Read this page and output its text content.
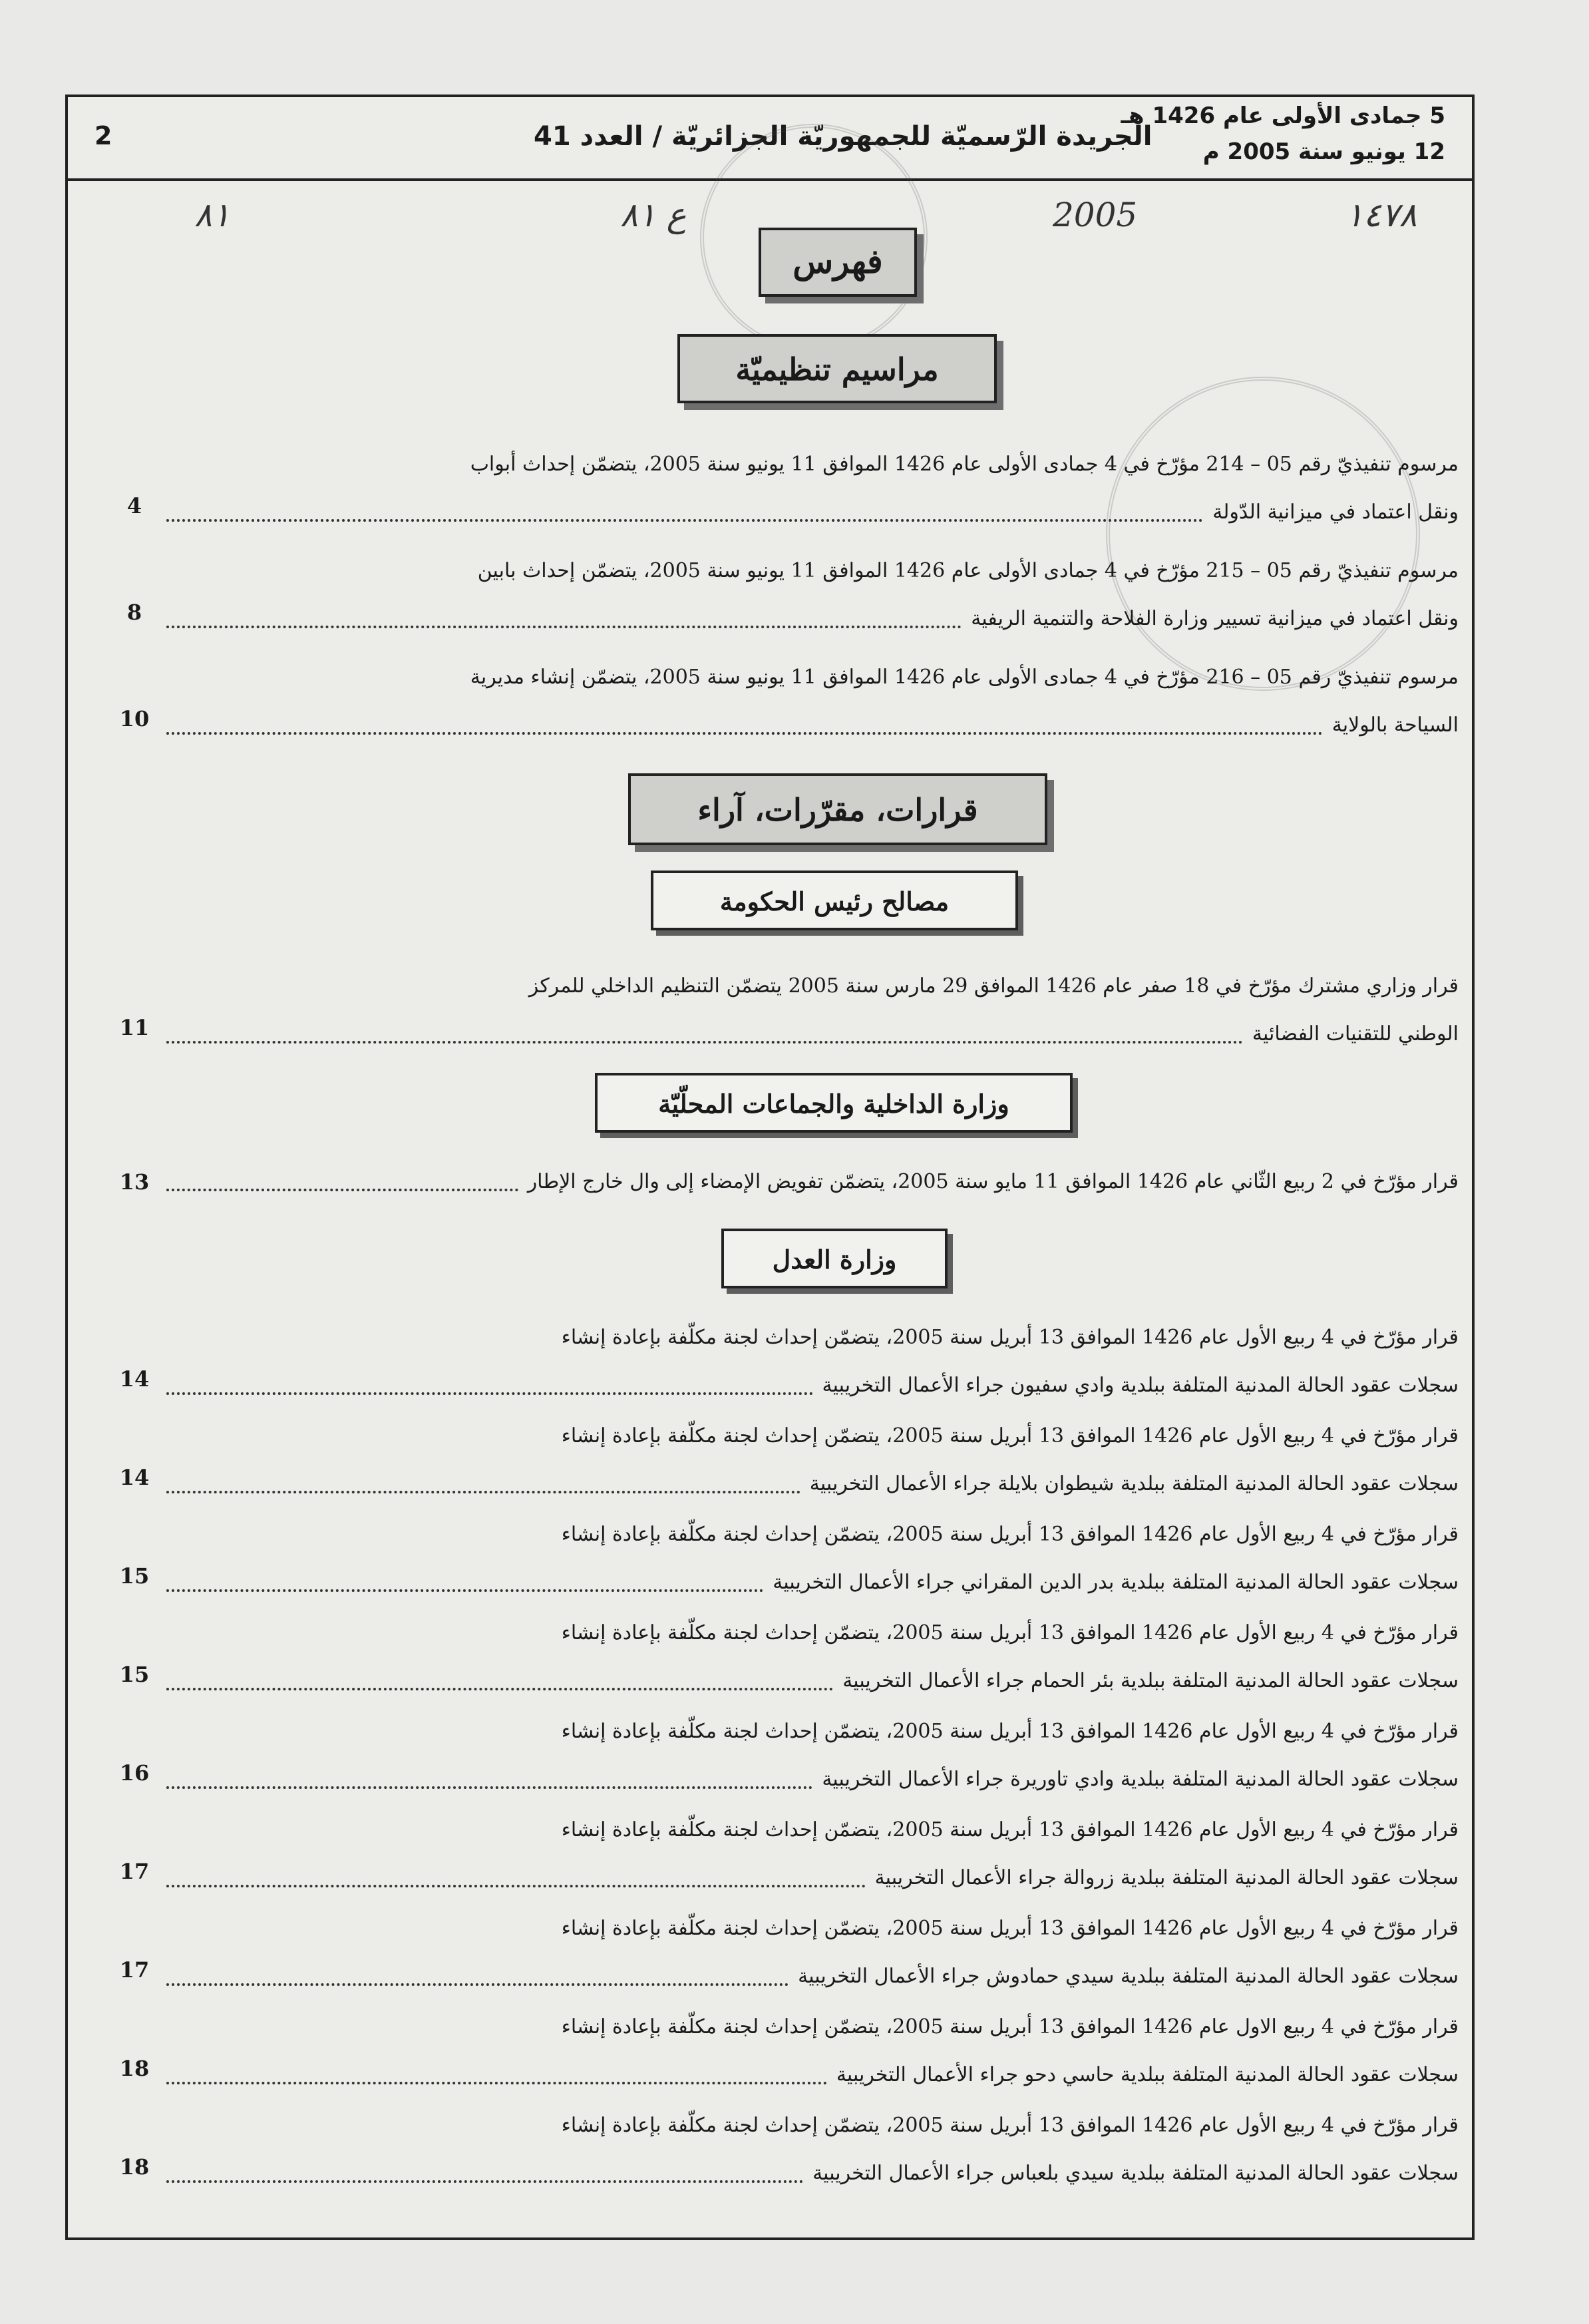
2	الجريدة الرّسميّة للجمهوريّة الجزائريّة / العدد 41
5 جمادى الأولى عام 1426 هـ
12 يونيو سنة 2005 م
٨١	ع ٨١	2005	١٤٧٨
فهرس
مراسيم تنظيميّة
مرسوم تنفيذيّ رقم 05 – 214 مؤرّخ في 4 جمادى الأولى عام 1426 الموافق 11 يونيو سنة 2005، يتضمّن إحداث أبواب
ونقل اعتماد في ميزانية الدّولة
4
مرسوم تنفيذيّ رقم 05 – 215 مؤرّخ في 4 جمادى الأولى عام 1426 الموافق 11 يونيو سنة 2005، يتضمّن إحداث بابين
ونقل اعتماد في ميزانية تسيير وزارة الفلاحة والتنمية الريفية
8
مرسوم تنفيذيّ رقم 05 – 216 مؤرّخ في 4 جمادى الأولى عام 1426 الموافق 11 يونيو سنة 2005، يتضمّن إنشاء مديرية
السياحة بالولاية
10
قرارات، مقرّرات، آراء
مصالح رئيس الحكومة
قرار وزاري مشترك مؤرّخ في 18 صفر عام 1426 الموافق 29 مارس سنة 2005 يتضمّن التنظيم الداخلي للمركز
الوطني للتقنيات الفضائية
11
وزارة الداخلية والجماعات المحلّيّة
قرار مؤرّخ في 2 ربيع الثّاني عام 1426 الموافق 11 مايو سنة 2005، يتضمّن تفويض الإمضاء إلى وال خارج الإطار
13
وزارة العدل
قرار مؤرّخ في 4 ربيع الأول عام 1426 الموافق 13 أبريل سنة 2005، يتضمّن إحداث لجنة مكلّفة بإعادة إنشاء
سجلات عقود الحالة المدنية المتلفة ببلدية وادي سفيون جراء الأعمال التخريبية
14
قرار مؤرّخ في 4 ربيع الأول عام 1426 الموافق 13 أبريل سنة 2005، يتضمّن إحداث لجنة مكلّفة بإعادة إنشاء
سجلات عقود الحالة المدنية المتلفة ببلدية شيطوان بلايلة جراء الأعمال التخريبية
14
قرار مؤرّخ في 4 ربيع الأول عام 1426 الموافق 13 أبريل سنة 2005، يتضمّن إحداث لجنة مكلّفة بإعادة إنشاء
سجلات عقود الحالة المدنية المتلفة ببلدية بدر الدين المقراني جراء الأعمال التخريبية
15
قرار مؤرّخ في 4 ربيع الأول عام 1426 الموافق 13 أبريل سنة 2005، يتضمّن إحداث لجنة مكلّفة بإعادة إنشاء
سجلات عقود الحالة المدنية المتلفة ببلدية بئر الحمام جراء الأعمال التخريبية
15
قرار مؤرّخ في 4 ربيع الأول عام 1426 الموافق 13 أبريل سنة 2005، يتضمّن إحداث لجنة مكلّفة بإعادة إنشاء
سجلات عقود الحالة المدنية المتلفة ببلدية وادي تاوريرة جراء الأعمال التخريبية
16
قرار مؤرّخ في 4 ربيع الأول عام 1426 الموافق 13 أبريل سنة 2005، يتضمّن إحداث لجنة مكلّفة بإعادة إنشاء
سجلات عقود الحالة المدنية المتلفة ببلدية زروالة جراء الأعمال التخريبية
17
قرار مؤرّخ في 4 ربيع الأول عام 1426 الموافق 13 أبريل سنة 2005، يتضمّن إحداث لجنة مكلّفة بإعادة إنشاء
سجلات عقود الحالة المدنية المتلفة ببلدية سيدي حمادوش جراء الأعمال التخريبية
17
قرار مؤرّخ في 4 ربيع الاول عام 1426 الموافق 13 أبريل سنة 2005، يتضمّن إحداث لجنة مكلّفة بإعادة إنشاء
سجلات عقود الحالة المدنية المتلفة ببلدية حاسي دحو جراء الأعمال التخريبية
18
قرار مؤرّخ في 4 ربيع الأول عام 1426 الموافق 13 أبريل سنة 2005، يتضمّن إحداث لجنة مكلّفة بإعادة إنشاء
سجلات عقود الحالة المدنية المتلفة ببلدية سيدي بلعباس جراء الأعمال التخريبية
18
